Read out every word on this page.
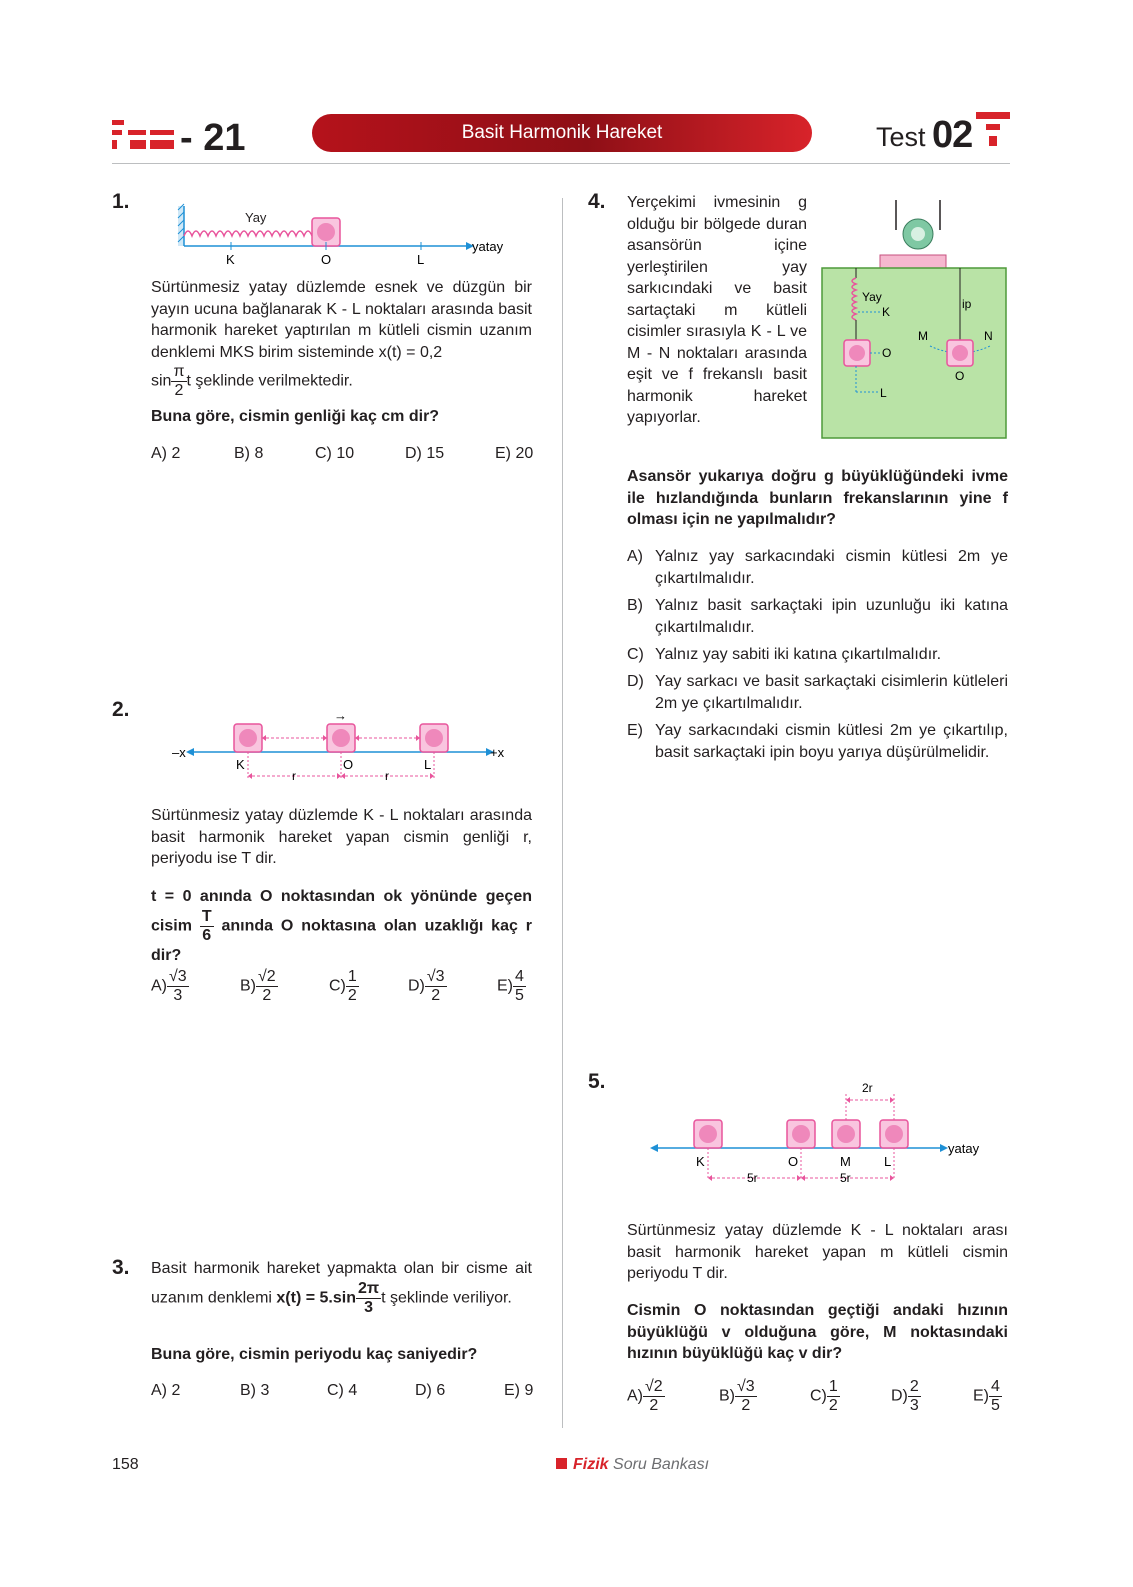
- 21	Basit Harmonik Hareket	Test 02
1.
Yay
K	O	L
yatay
Sürtünmesiz yatay düzlemde esnek ve düzgün bir yayın ucuna bağlanarak K - L noktaları arasında basit harmonik hareket yaptırılan m kütleli cismin uzanım denklemi MKS birim sisteminde x(t) = 0,2
$\sin \frac{\pi}{2}$ t şeklinde verilmektedir.
Buna göre, cismin genliği kaç cm dir?
A) 2	B) 8	C) 10	D) 15	E) 20
2.
–x	+x
→
K	O	L
r	r
Sürtünmesiz yatay düzlemde K - L noktaları arasında basit harmonik hareket yapan cismin genliği r, periyodu ise T dir.
t = 0 anında O noktasından ok yönünde geçen cisim $\frac{T}{6}$ anında O noktasına olan uzaklığı kaç r dir?
$A) \frac{√3}{3}$	$B) \frac{√2}{2}$	$C) \frac{1}{2}$	$D) \frac{√3}{2}$	$E) \frac{4}{5}$
3. Basit harmonik hareket yapmakta olan bir cisme ait uzanım denklemi $x(t) = 5.\sin \frac{2\pi}{3}$ t şeklinde veriliyor.
Buna göre, cismin periyodu kaç saniyedir?
A) 2	B) 3	C) 4	D) 6	E) 9
4. Yerçekimi ivmesinin g olduğu bir bölgede duran asansörün içine yerleştirilen yay sarkıcındaki ve basit sartaçtaki m kütleli cisimler sırasıyla K - L ve M - N noktaları arasında eşit ve f frekanslı basit harmonik hareket yapıyorlar.
Yay
K
O
L
ip
M
O
N
Asansör yukarıya doğru g büyüklüğündeki ivme ile hızlandığında bunların frekanslarının yine f olması için ne yapılmalıdır?
A) Yalnız yay sarkacındaki cismin kütlesi 2m ye çıkartılmalıdır.
B) Yalnız basit sarkaçtaki ipin uzunluğu iki katına çıkartılmalıdır.
C) Yalnız yay sabiti iki katına çıkartılmalıdır.
D) Yay sarkacı ve basit sarkaçtaki cisimlerin kütleleri 2m ye çıkartılmalıdır.
E) Yay sarkacındaki cismin kütlesi 2m ye çıkartılıp, basit sarkaçtaki ipin boyu yarıya düşürülmelidir.
5.	2r
yatay
K	O	M	L
5r	5r
Sürtünmesiz yatay düzlemde K - L noktaları arası basit harmonik hareket yapan m kütleli cismin periyodu T dir.
Cismin O noktasından geçtiği andaki hızının büyüklüğü v olduğuna göre, M noktasındaki hızının büyüklüğü kaç v dir?
$A) \frac{√2}{2}$	$B) \frac{√3}{2}$	$C) \frac{1}{2}$	$D) \frac{2}{3}$	$E) \frac{4}{5}$
158	Fizik Soru Bankası
